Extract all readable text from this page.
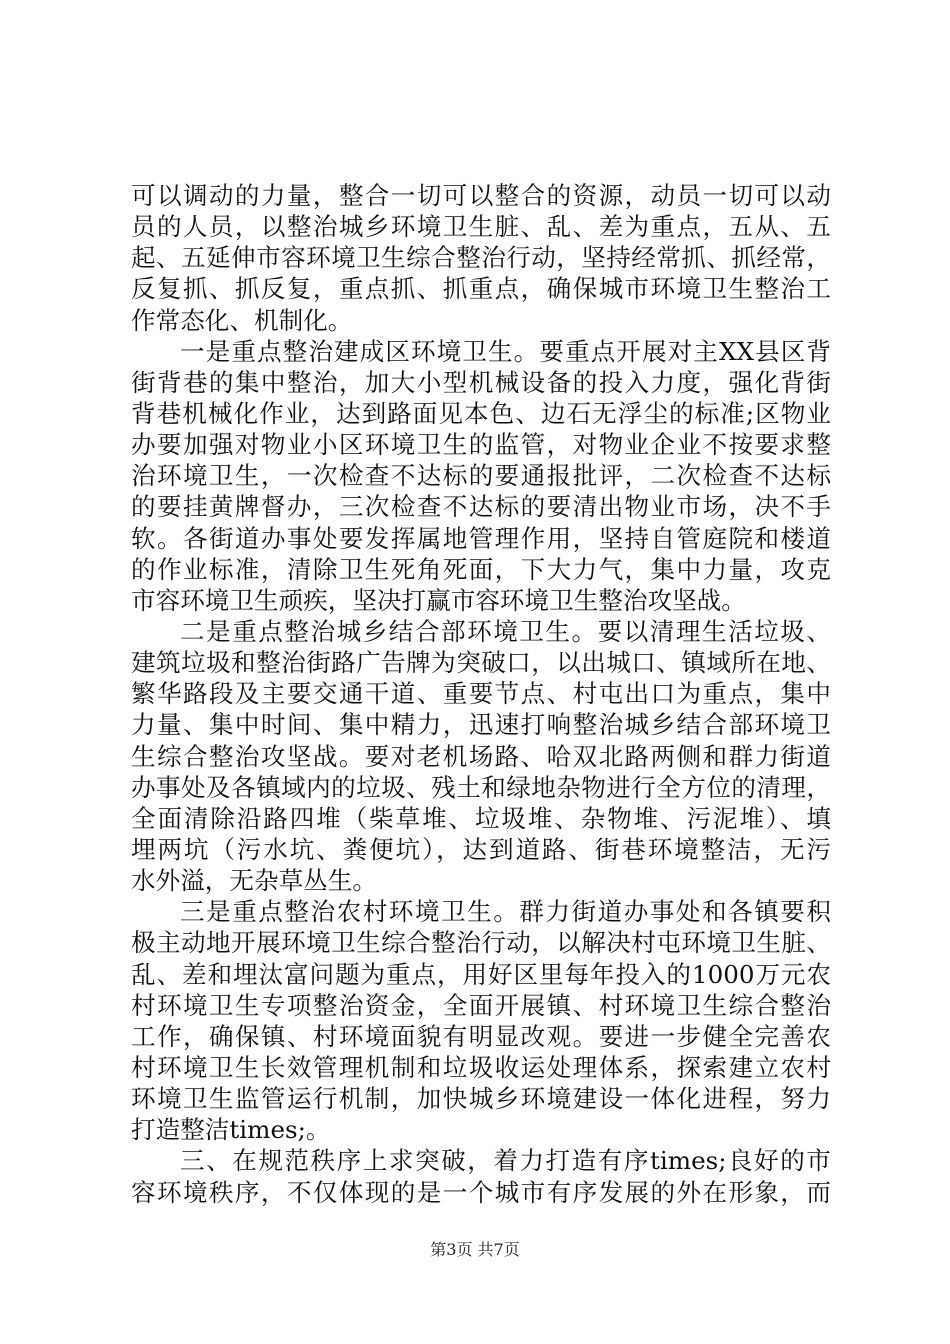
可以调动的力量，整合一切可以整合的资源，动员一切可以动
员的人员，以整治城乡环境卫生脏、乱、差为重点，五从、五
起、五延伸市容环境卫生综合整治行动，坚持经常抓、抓经常，
反复抓、抓反复，重点抓、抓重点，确保城市环境卫生整治工
作常态化、机制化。
一是重点整治建成区环境卫生。要重点开展对主XX县区背
街背巷的集中整治，加大小型机械设备的投入力度，强化背街
背巷机械化作业，达到路面见本色、边石无浮尘的标准;区物业
办要加强对物业小区环境卫生的监管，对物业企业不按要求整
治环境卫生，一次检查不达标的要通报批评，二次检查不达标
的要挂黄牌督办，三次检查不达标的要清出物业市场，决不手
软。各街道办事处要发挥属地管理作用，坚持自管庭院和楼道
的作业标准，清除卫生死角死面，下大力气，集中力量，攻克
市容环境卫生顽疾，坚决打赢市容环境卫生整治攻坚战。
二是重点整治城乡结合部环境卫生。要以清理生活垃圾、
建筑垃圾和整治街路广告牌为突破口，以出城口、镇域所在地、
繁华路段及主要交通干道、重要节点、村屯出口为重点，集中
力量、集中时间、集中精力，迅速打响整治城乡结合部环境卫
生综合整治攻坚战。要对老机场路、哈双北路两侧和群力街道
办事处及各镇域内的垃圾、残土和绿地杂物进行全方位的清理，
全面清除沿路四堆（柴草堆、垃圾堆、杂物堆、污泥堆）、填
埋两坑（污水坑、粪便坑），达到道路、街巷环境整洁，无污
水外溢，无杂草丛生。
三是重点整治农村环境卫生。群力街道办事处和各镇要积
极主动地开展环境卫生综合整治行动，以解决村屯环境卫生脏、
乱、差和埋汰富问题为重点，用好区里每年投入的1000万元农
村环境卫生专项整治资金，全面开展镇、村环境卫生综合整治
工作，确保镇、村环境面貌有明显改观。要进一步健全完善农
村环境卫生长效管理机制和垃圾收运处理体系，探索建立农村
环境卫生监管运行机制，加快城乡环境建设一体化进程，努力
打造整洁times;。
三、在规范秩序上求突破，着力打造有序times;良好的市
容环境秩序，不仅体现的是一个城市有序发展的外在形象，而
第3页 共7页
